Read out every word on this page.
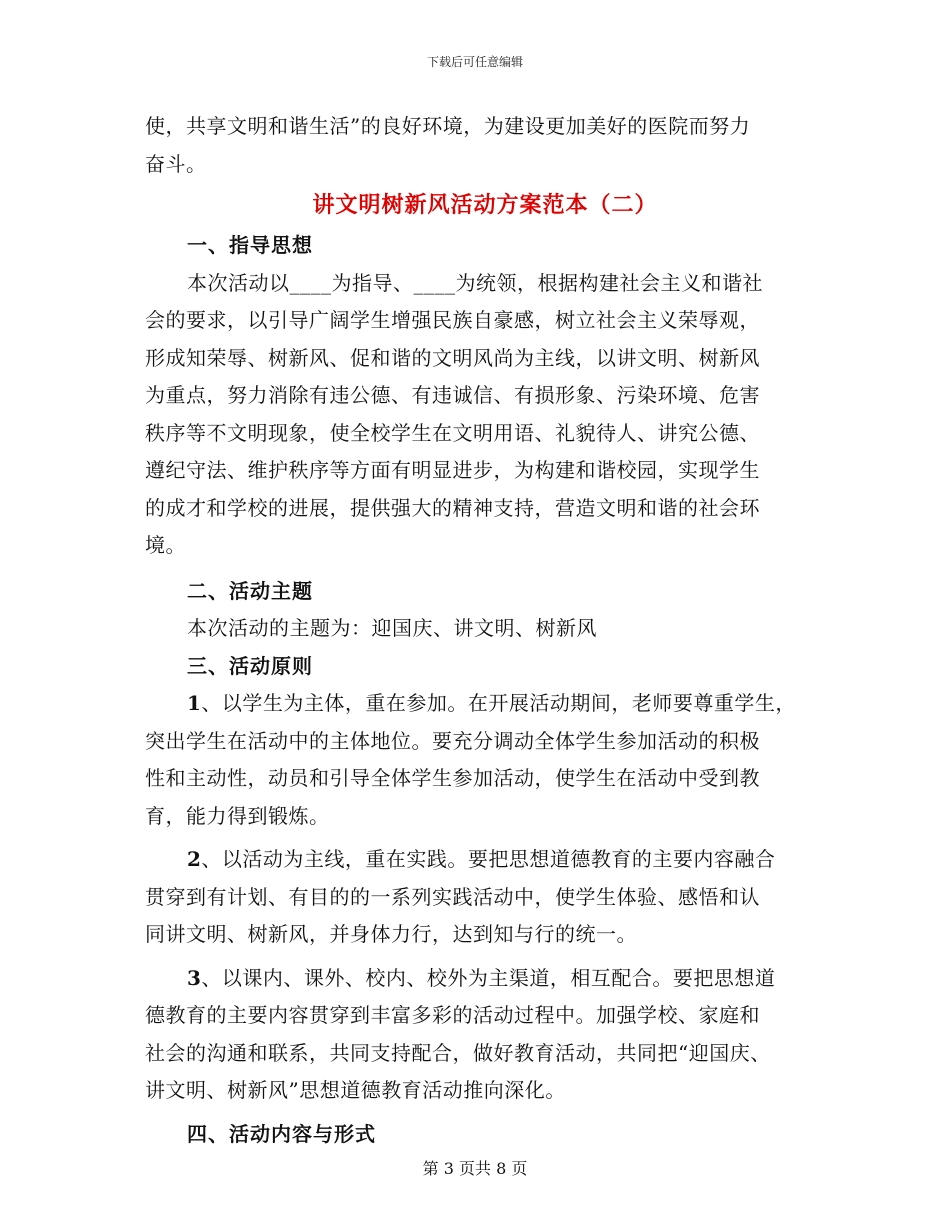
下载后可任意编辑
使，共享文明和谐生活”的良好环境，为建设更加美好的医院而努力
奋斗。
讲文明树新风活动方案范本（二）
一、指导思想
本次活动以____为指导、____为统领，根据构建社会主义和谐社
会的要求，以引导广阔学生增强民族自豪感，树立社会主义荣辱观，
形成知荣辱、树新风、促和谐的文明风尚为主线，以讲文明、树新风
为重点，努力消除有违公德、有违诚信、有损形象、污染环境、危害
秩序等不文明现象，使全校学生在文明用语、礼貌待人、讲究公德、
遵纪守法、维护秩序等方面有明显进步，为构建和谐校园，实现学生
的成才和学校的进展，提供强大的精神支持，营造文明和谐的社会环
境。
二、活动主题
本次活动的主题为：迎国庆、讲文明、树新风
三、活动原则
1、以学生为主体，重在参加。在开展活动期间，老师要尊重学生，
突出学生在活动中的主体地位。要充分调动全体学生参加活动的积极
性和主动性，动员和引导全体学生参加活动，使学生在活动中受到教
育，能力得到锻炼。
2、以活动为主线，重在实践。要把思想道德教育的主要内容融合
贯穿到有计划、有目的的一系列实践活动中，使学生体验、感悟和认
同讲文明、树新风，并身体力行，达到知与行的统一。
3、以课内、课外、校内、校外为主渠道，相互配合。要把思想道
德教育的主要内容贯穿到丰富多彩的活动过程中。加强学校、家庭和
社会的沟通和联系，共同支持配合，做好教育活动，共同把“迎国庆、
讲文明、树新风”思想道德教育活动推向深化。
四、活动内容与形式
第 3 页共 8 页
